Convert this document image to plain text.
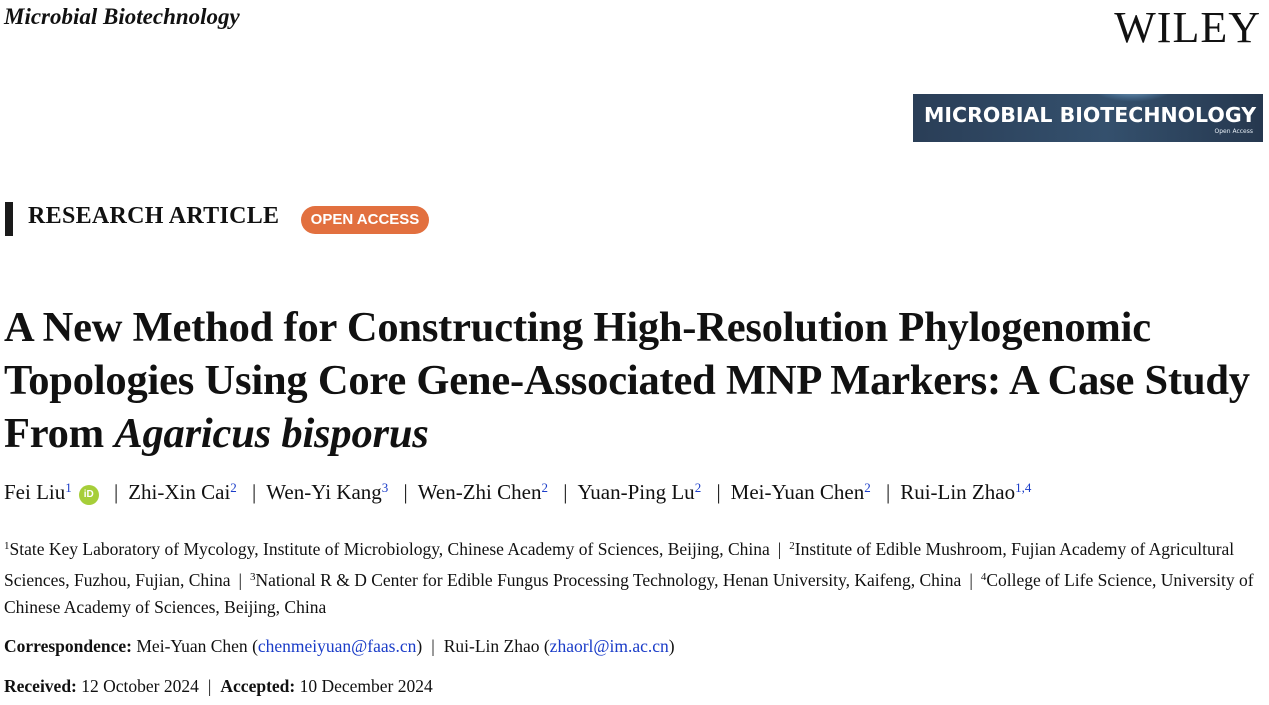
Microbial Biotechnology	WILEY
MICROBIAL BIOTECHNOLOGY
Open Access
RESEARCH ARTICLE	OPEN ACCESS
A New Method for Constructing High-Resolution Phylogenomic Topologies Using Core Gene-Associated MNP Markers: A Case Study From Agaricus bisporus
Fei Liu$^1$ iD | Zhi-Xin Cai$^2$ | Wen-Yi Kang$^3$ | Wen-Zhi Chen$^2$ | Yuan-Ping Lu$^2$ | Mei-Yuan Chen$^2$ | Rui-Lin Zhao$^{1,4}$
$^1$State Key Laboratory of Mycology, Institute of Microbiology, Chinese Academy of Sciences, Beijing, China | $^2$Institute of Edible Mushroom, Fujian Academy of Agricultural Sciences, Fuzhou, Fujian, China | $^3$National R & D Center for Edible Fungus Processing Technology, Henan University, Kaifeng, China | $^4$College of Life Science, University of Chinese Academy of Sciences, Beijing, China
Correspondence: Mei-Yuan Chen (chenmeiyuan@faas.cn) | Rui-Lin Zhao (zhaorl@im.ac.cn)
Received: 12 October 2024 | Accepted: 10 December 2024
